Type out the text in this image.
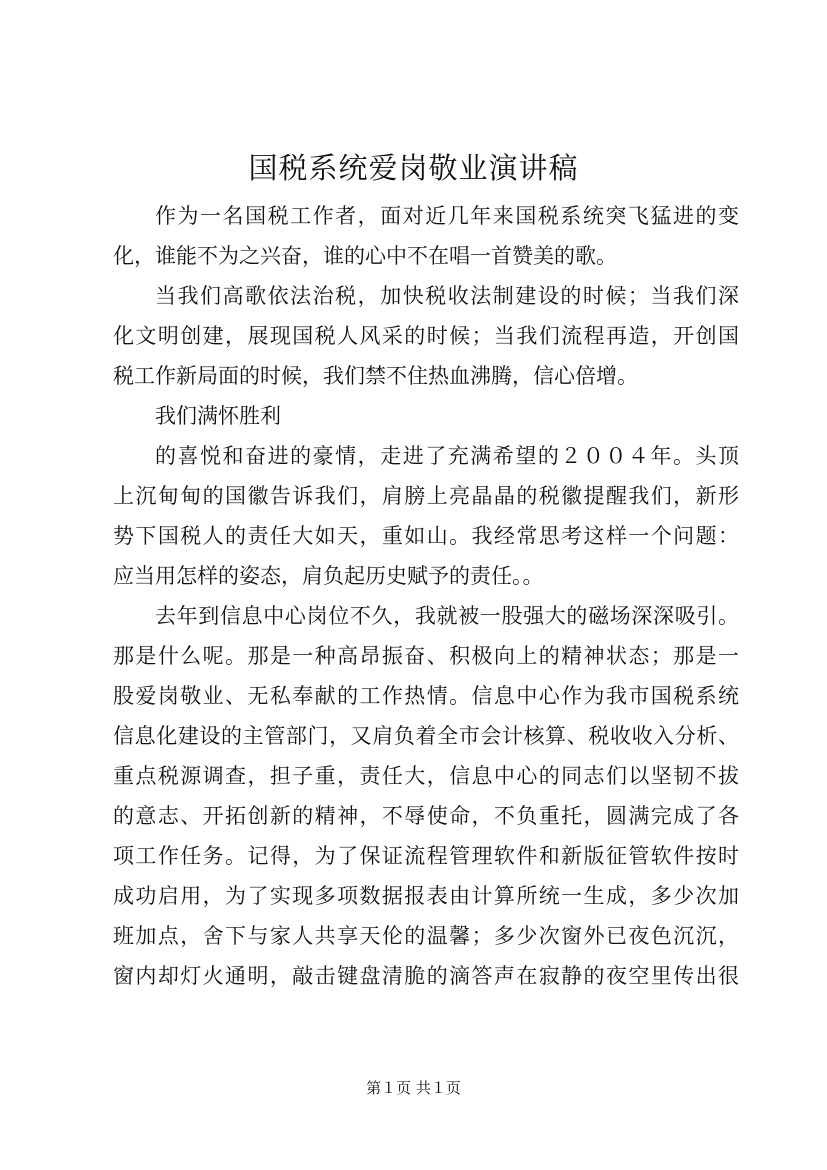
国税系统爱岗敬业演讲稿
作为一名国税工作者，面对近几年来国税系统突飞猛进的变
化，谁能不为之兴奋，谁的心中不在唱一首赞美的歌。
当我们高歌依法治税，加快税收法制建设的时候；当我们深
化文明创建，展现国税人风采的时候；当我们流程再造，开创国
税工作新局面的时候，我们禁不住热血沸腾，信心倍增。
我们满怀胜利
的喜悦和奋进的豪情，走进了充满希望的２００４年。头顶
上沉甸甸的国徽告诉我们，肩膀上亮晶晶的税徽提醒我们，新形
势下国税人的责任大如天，重如山。我经常思考这样一个问题：
应当用怎样的姿态，肩负起历史赋予的责任。。
去年到信息中心岗位不久，我就被一股强大的磁场深深吸引。
那是什么呢。那是一种高昂振奋、积极向上的精神状态；那是一
股爱岗敬业、无私奉献的工作热情。信息中心作为我市国税系统
信息化建设的主管部门，又肩负着全市会计核算、税收收入分析、
重点税源调查，担子重，责任大，信息中心的同志们以坚韧不拔
的意志、开拓创新的精神，不辱使命，不负重托，圆满完成了各
项工作任务。记得，为了保证流程管理软件和新版征管软件按时
成功启用，为了实现多项数据报表由计算所统一生成，多少次加
班加点，舍下与家人共享天伦的温馨；多少次窗外已夜色沉沉，
窗内却灯火通明，敲击键盘清脆的滴答声在寂静的夜空里传出很
第１页 共１页
